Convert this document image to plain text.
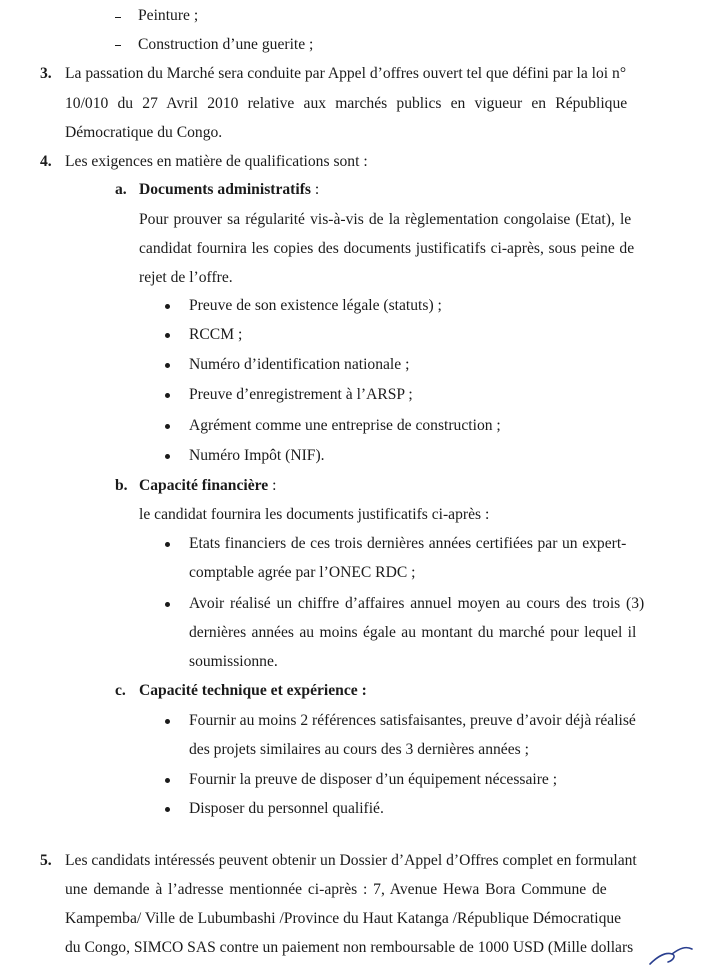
Peinture ;
Construction d’une guerite ;
3. La passation du Marché sera conduite par Appel d’offres ouvert tel que défini par la loi n°
10/010 du 27 Avril 2010 relative aux marchés publics en vigueur en République
Démocratique du Congo.
4. Les exigences en matière de qualifications sont :
a. Documents administratifs :
Pour prouver sa régularité vis-à-vis de la règlementation congolaise (Etat), le
candidat fournira les copies des documents justificatifs ci-après, sous peine de
rejet de l’offre.
Preuve de son existence légale (statuts) ;
RCCM ;
Numéro d’identification nationale ;
Preuve d’enregistrement à l’ARSP ;
Agrément comme une entreprise de construction ;
Numéro Impôt (NIF).
b. Capacité financière :
le candidat fournira les documents justificatifs ci-après :
Etats financiers de ces trois dernières années certifiées par un expert-
comptable agrée par l’ONEC RDC ;
Avoir réalisé un chiffre d’affaires annuel moyen au cours des trois (3)
dernières années au moins égale au montant du marché pour lequel il
soumissionne.
c. Capacité technique et expérience :
Fournir au moins 2 références satisfaisantes, preuve d’avoir déjà réalisé
des projets similaires au cours des 3 dernières années ;
Fournir la preuve de disposer d’un équipement nécessaire ;
Disposer du personnel qualifié.
5. Les candidats intéressés peuvent obtenir un Dossier d’Appel d’Offres complet en formulant
une demande à l’adresse mentionnée ci-après : 7, Avenue Hewa Bora Commune de
Kampemba/ Ville de Lubumbashi /Province du Haut Katanga /République Démocratique
du Congo, SIMCO SAS contre un paiement non remboursable de 1000 USD (Mille dollars
